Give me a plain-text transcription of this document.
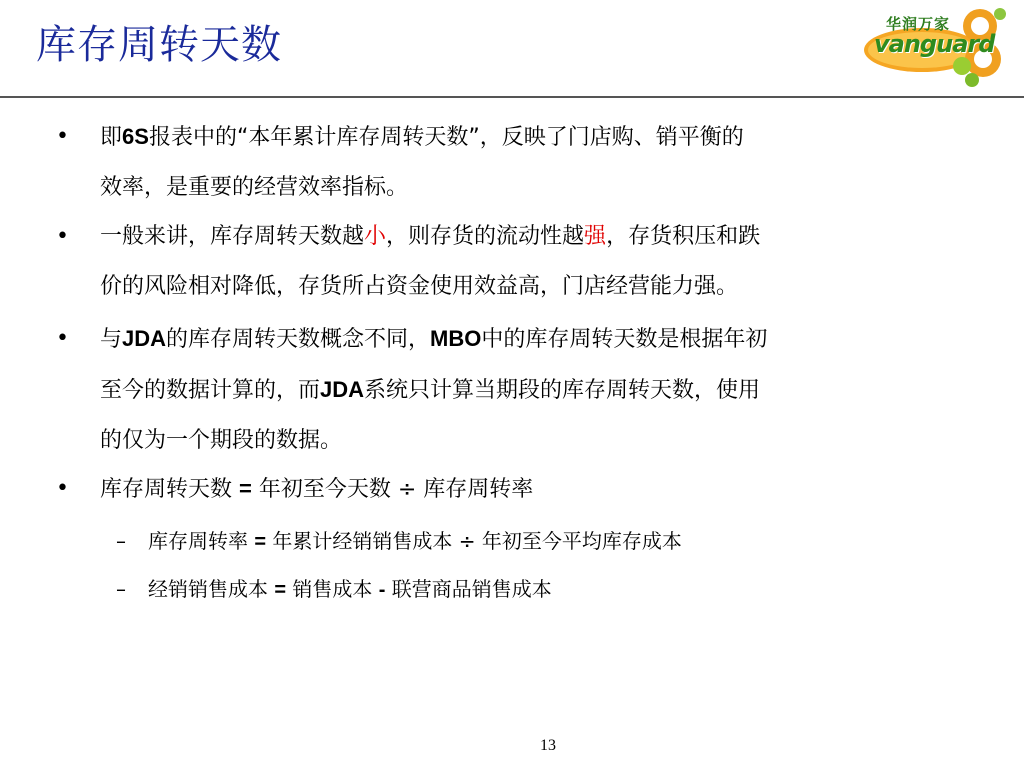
库存周转天数	华润万家
vanguard
• 即6S报表中的“本年累计库存周转天数”，反映了门店购、销平衡的
效率，是重要的经营效率指标。
• 一般来讲，库存周转天数越小，则存货的流动性越强，存货积压和跌
价的风险相对降低，存货所占资金使用效益高，门店经营能力强。
• 与JDA的库存周转天数概念不同，MBO中的库存周转天数是根据年初
至今的数据计算的，而JDA系统只计算当期段的库存周转天数，使用
的仅为一个期段的数据。
• 库存周转天数 = 年初至今天数 ÷ 库存周转率
– 库存周转率 = 年累计经销销售成本 ÷ 年初至今平均库存成本
– 经销销售成本 = 销售成本 - 联营商品销售成本
13
